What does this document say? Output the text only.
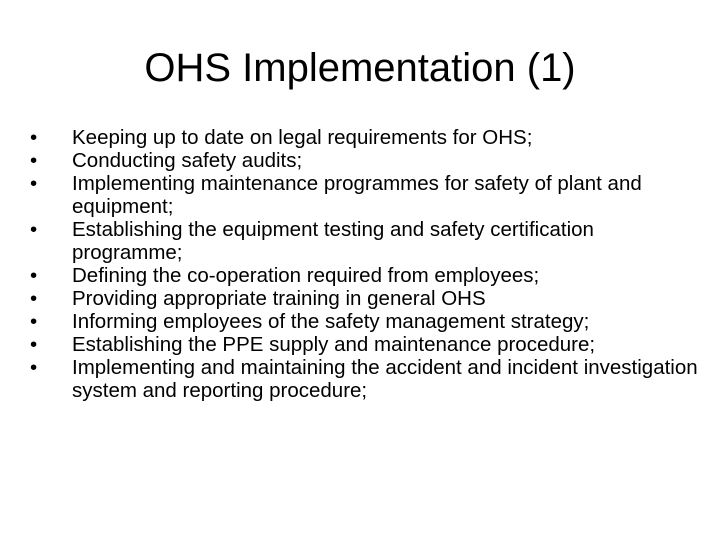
OHS Implementation (1)
•	Keeping up to date on legal requirements for OHS;
•	Conducting safety audits;
•	Implementing maintenance programmes for safety of plant and equipment;
•	Establishing the equipment testing and safety certification programme;
•	Defining the co-operation required from employees;
•	Providing appropriate training in general OHS
•	Informing employees of the safety management strategy;
•	Establishing the PPE supply and maintenance procedure;
•	Implementing and maintaining the accident and incident investigation system and reporting procedure;
